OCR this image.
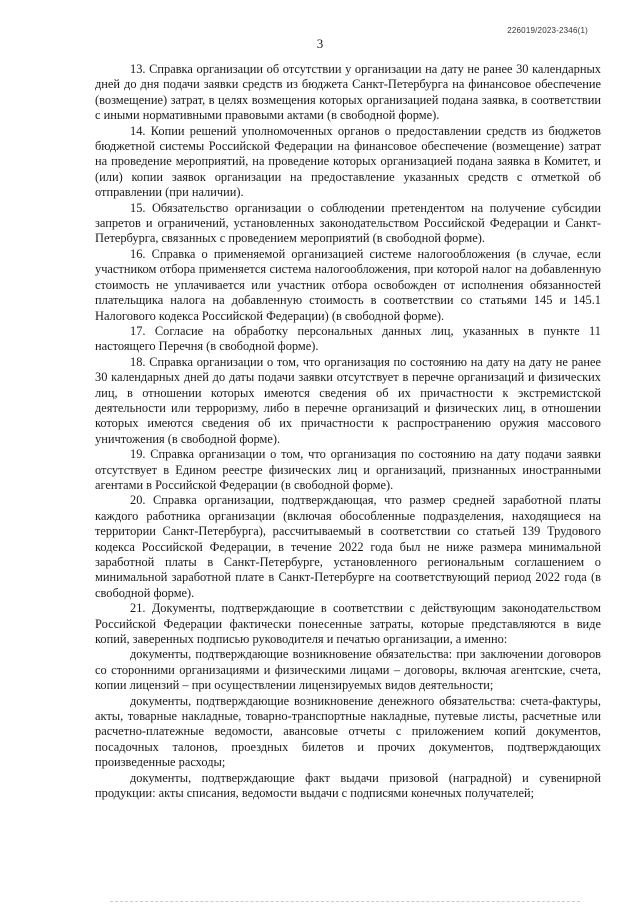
226019/2023-2346(1)
3

13. Справка организации об отсутствии у организации на дату не ранее 30 календарных дней до дня подачи заявки средств из бюджета Санкт-Петербурга на финансовое обеспечение (возмещение) затрат, в целях возмещения которых организацией подана заявка, в соответствии с иными нормативными правовыми актами (в свободной форме).

14. Копии решений уполномоченных органов о предоставлении средств из бюджетов бюджетной системы Российской Федерации на финансовое обеспечение (возмещение) затрат на проведение мероприятий, на проведение которых организацией подана заявка в Комитет, и (или) копии заявок организации на предоставление указанных средств с отметкой об отправлении (при наличии).

15. Обязательство организации о соблюдении претендентом на получение субсидии запретов и ограничений, установленных законодательством Российской Федерации и Санкт-Петербурга, связанных с проведением мероприятий (в свободной форме).

16. Справка о применяемой организацией системе налогообложения (в случае, если участником отбора применяется система налогообложения, при которой налог на добавленную стоимость не уплачивается или участник отбора освобожден от исполнения обязанностей плательщика налога на добавленную стоимость в соответствии со статьями 145 и 145.1 Налогового кодекса Российской Федерации) (в свободной форме).

17. Согласие на обработку персональных данных лиц, указанных в пункте 11 настоящего Перечня (в свободной форме).

18. Справка организации о том, что организация по состоянию на дату на дату не ранее 30 календарных дней до даты подачи заявки отсутствует в перечне организаций и физических лиц, в отношении которых имеются сведения об их причастности к экстремистской деятельности или терроризму, либо в перечне организаций и физических лиц, в отношении которых имеются сведения об их причастности к распространению оружия массового уничтожения (в свободной форме).

19. Справка организации о том, что организация по состоянию на дату подачи заявки отсутствует в Едином реестре физических лиц и организаций, признанных иностранными агентами в Российской Федерации (в свободной форме).

20. Справка организации, подтверждающая, что размер средней заработной платы каждого работника организации (включая обособленные подразделения, находящиеся на территории Санкт-Петербурга), рассчитываемый в соответствии со статьей 139 Трудового кодекса Российской Федерации, в течение 2022 года был не ниже размера минимальной заработной платы в Санкт-Петербурге, установленного региональным соглашением о минимальной заработной плате в Санкт-Петербурге на соответствующий период 2022 года (в свободной форме).

21. Документы, подтверждающие в соответствии с действующим законодательством Российской Федерации фактически понесенные затраты, которые представляются в виде копий, заверенных подписью руководителя и печатью организации, а именно:

документы, подтверждающие возникновение обязательства: при заключении договоров со сторонними организациями и физическими лицами – договоры, включая агентские, счета, копии лицензий – при осуществлении лицензируемых видов деятельности;

документы, подтверждающие возникновение денежного обязательства: счета-фактуры, акты, товарные накладные, товарно-транспортные накладные, путевые листы, расчетные или расчетно-платежные ведомости, авансовые отчеты с приложением копий документов, посадочных талонов, проездных билетов и прочих документов, подтверждающих произведенные расходы;

документы, подтверждающие факт выдачи призовой (наградной) и сувенирной продукции: акты списания, ведомости выдачи с подписями конечных получателей;
